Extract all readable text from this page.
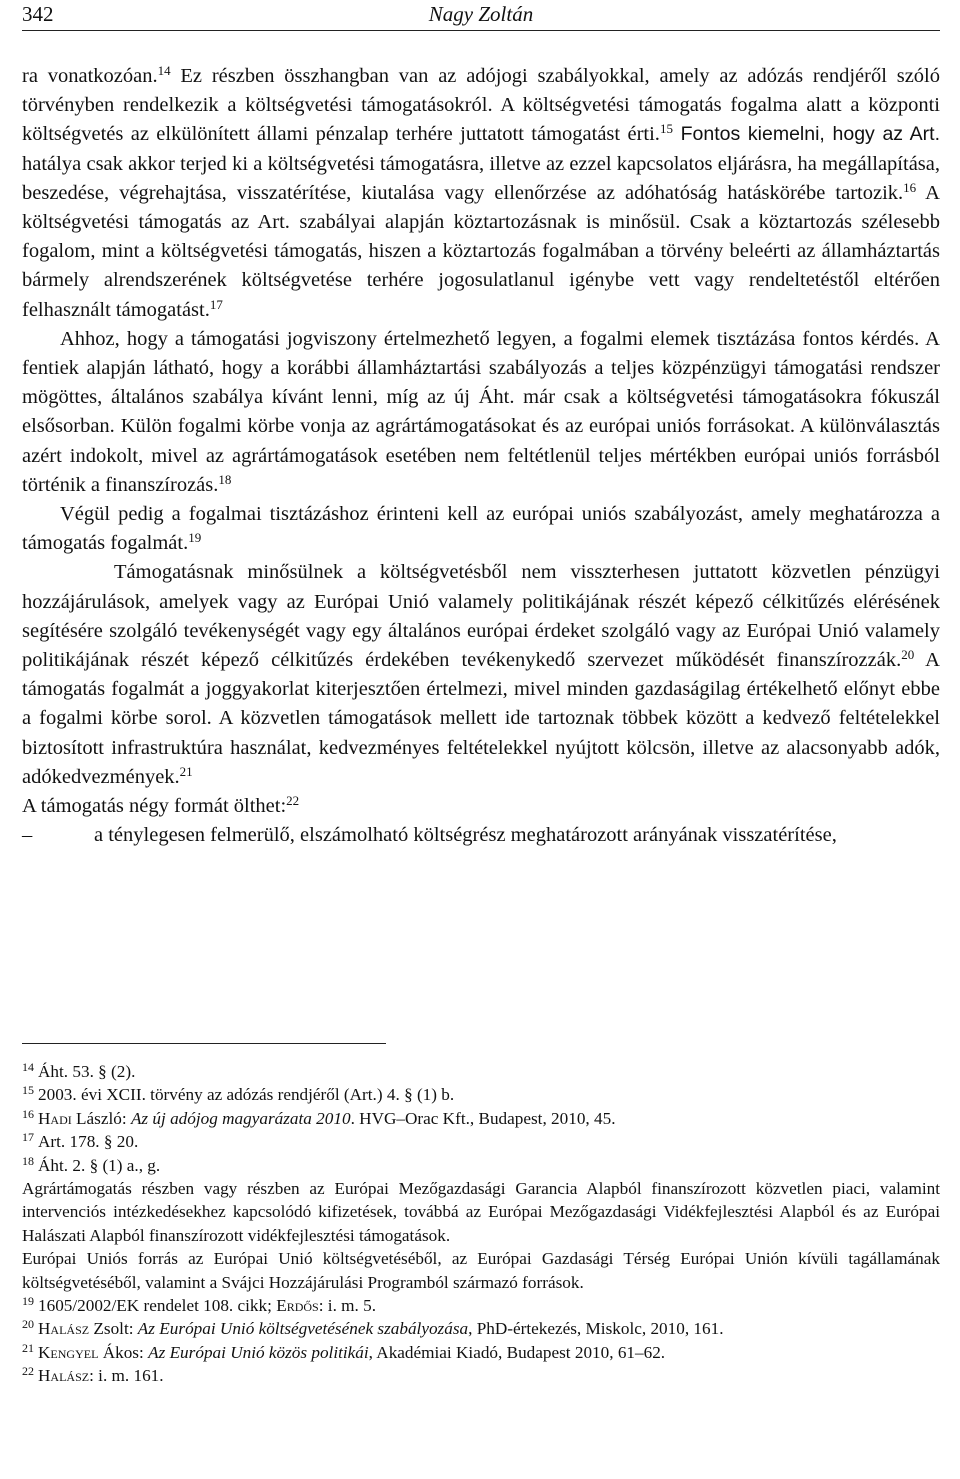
342	Nagy Zoltán

ra vonatkozóan.$^{14}$ Ez részben összhangban van az adójogi szabályokkal, amely az adózás rendjéről szóló törvényben rendelkezik a költségvetési támogatásokról. A költségvetési támogatás fogalma alatt a központi költségvetés az elkülönített állami pénzalap terhére juttatott támogatást érti.$^{15}$ Fontos kiemelni, hogy az Art. hatálya csak akkor terjed ki a költségvetési támogatásra, illetve az ezzel kapcsolatos eljárásra, ha megállapítása, beszedése, végrehajtása, visszatérítése, kiutalása vagy ellenőrzése az adóhatóság hatáskörébe tartozik.$^{16}$ A költségvetési támogatás az Art. szabályai alapján köztartozásnak is minősül. Csak a köztartozás szélesebb fogalom, mint a költségvetési támogatás, hiszen a köztartozás fogalmában a törvény beleérti az államháztartás bármely alrendszerének költségvetése terhére jogosulatlanul igénybe vett vagy rendeltetéstől eltérően felhasznált támogatást.$^{17}$

Ahhoz, hogy a támogatási jogviszony értelmezhető legyen, a fogalmi elemek tisztázása fontos kérdés. A fentiek alapján látható, hogy a korábbi államháztartási szabályozás a teljes közpénzügyi támogatási rendszer mögöttes, általános szabálya kívánt lenni, míg az új Áht. már csak a költségvetési támogatásokra fókuszál elsősorban. Külön fogalmi körbe vonja az agrártámogatásokat és az európai uniós forrásokat. A különválasztás azért indokolt, mivel az agrártámogatások esetében nem feltétlenül teljes mértékben európai uniós forrásból történik a finanszírozás.$^{18}$

Végül pedig a fogalmai tisztázáshoz érinteni kell az európai uniós szabályozást, amely meghatározza a támogatás fogalmát.$^{19}$

Támogatásnak minősülnek a költségvetésből nem visszterhesen juttatott közvetlen pénzügyi hozzájárulások, amelyek vagy az Európai Unió valamely politikájának részét képező célkitűzés elérésének segítésére szolgáló tevékenységét vagy egy általános európai érdeket szolgáló vagy az Európai Unió valamely politikájának részét képező célkitűzés érdekében tevékenykedő szervezet működését finanszírozzák.$^{20}$ A támogatás fogalmát a joggyakorlat kiterjesztően értelmezi, mivel minden gazdaságilag értékelhető előnyt ebbe a fogalmi körbe sorol. A közvetlen támogatások mellett ide tartoznak többek között a kedvező feltételekkel biztosított infrastruktúra használat, kedvezményes feltételekkel nyújtott kölcsön, illetve az alacsonyabb adók, adókedvezmények.$^{21}$

A támogatás négy formát ölthet:$^{22}$

–	a ténylegesen felmerülő, elszámolható költségrész meghatározott arányának visszatérítése,

$^{14}$ Áht. 53. § (2).

$^{15}$ 2003. évi XCII. törvény az adózás rendjéről (Art.) 4. § (1) b.

$^{16}$ Hadi László: Az új adójog magyarázata 2010. HVG–Orac Kft., Budapest, 2010, 45.

$^{17}$ Art. 178. § 20.

$^{18}$ Áht. 2. § (1) a., g.

Agrártámogatás részben vagy részben az Európai Mezőgazdasági Garancia Alapból finanszírozott közvetlen piaci, valamint intervenciós intézkedésekhez kapcsolódó kifizetések, továbbá az Európai Mezőgazdasági Vidékfejlesztési Alapból és az Európai Halászati Alapból finanszírozott vidékfejlesztési támogatások.

Európai Uniós forrás az Európai Unió költségvetéséből, az Európai Gazdasági Térség Európai Unión kívüli tagállamának költségvetéséből, valamint a Svájci Hozzájárulási Programból származó források.

$^{19}$ 1605/2002/EK rendelet 108. cikk; Erdős: i. m. 5.

$^{20}$ Halász Zsolt: Az Európai Unió költségvetésének szabályozása, PhD-értekezés, Miskolc, 2010, 161.

$^{21}$ Kengyel Ákos: Az Európai Unió közös politikái, Akadémiai Kiadó, Budapest 2010, 61–62.

$^{22}$ Halász: i. m. 161.
